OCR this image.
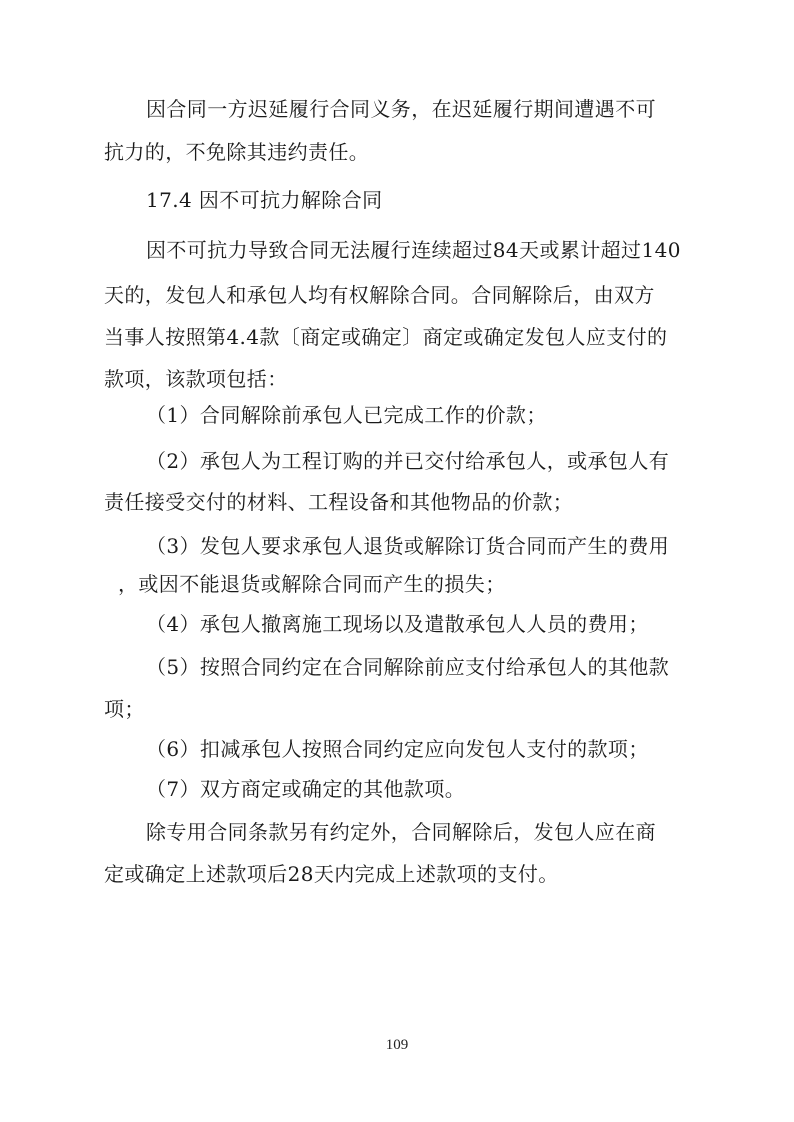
因合同一方迟延履行合同义务，在迟延履行期间遭遇不可
抗力的，不免除其违约责任。
17.4 因不可抗力解除合同
因不可抗力导致合同无法履行连续超过84天或累计超过140
天的，发包人和承包人均有权解除合同。合同解除后，由双方
当事人按照第4.4款〔商定或确定〕商定或确定发包人应支付的
款项，该款项包括：
（1）合同解除前承包人已完成工作的价款；
（2）承包人为工程订购的并已交付给承包人，或承包人有
责任接受交付的材料、工程设备和其他物品的价款；
（3）发包人要求承包人退货或解除订货合同而产生的费用
，或因不能退货或解除合同而产生的损失；
（4）承包人撤离施工现场以及遣散承包人人员的费用；
（5）按照合同约定在合同解除前应支付给承包人的其他款
项；
（6）扣减承包人按照合同约定应向发包人支付的款项；
（7）双方商定或确定的其他款项。
除专用合同条款另有约定外，合同解除后，发包人应在商
定或确定上述款项后28天内完成上述款项的支付。
109
